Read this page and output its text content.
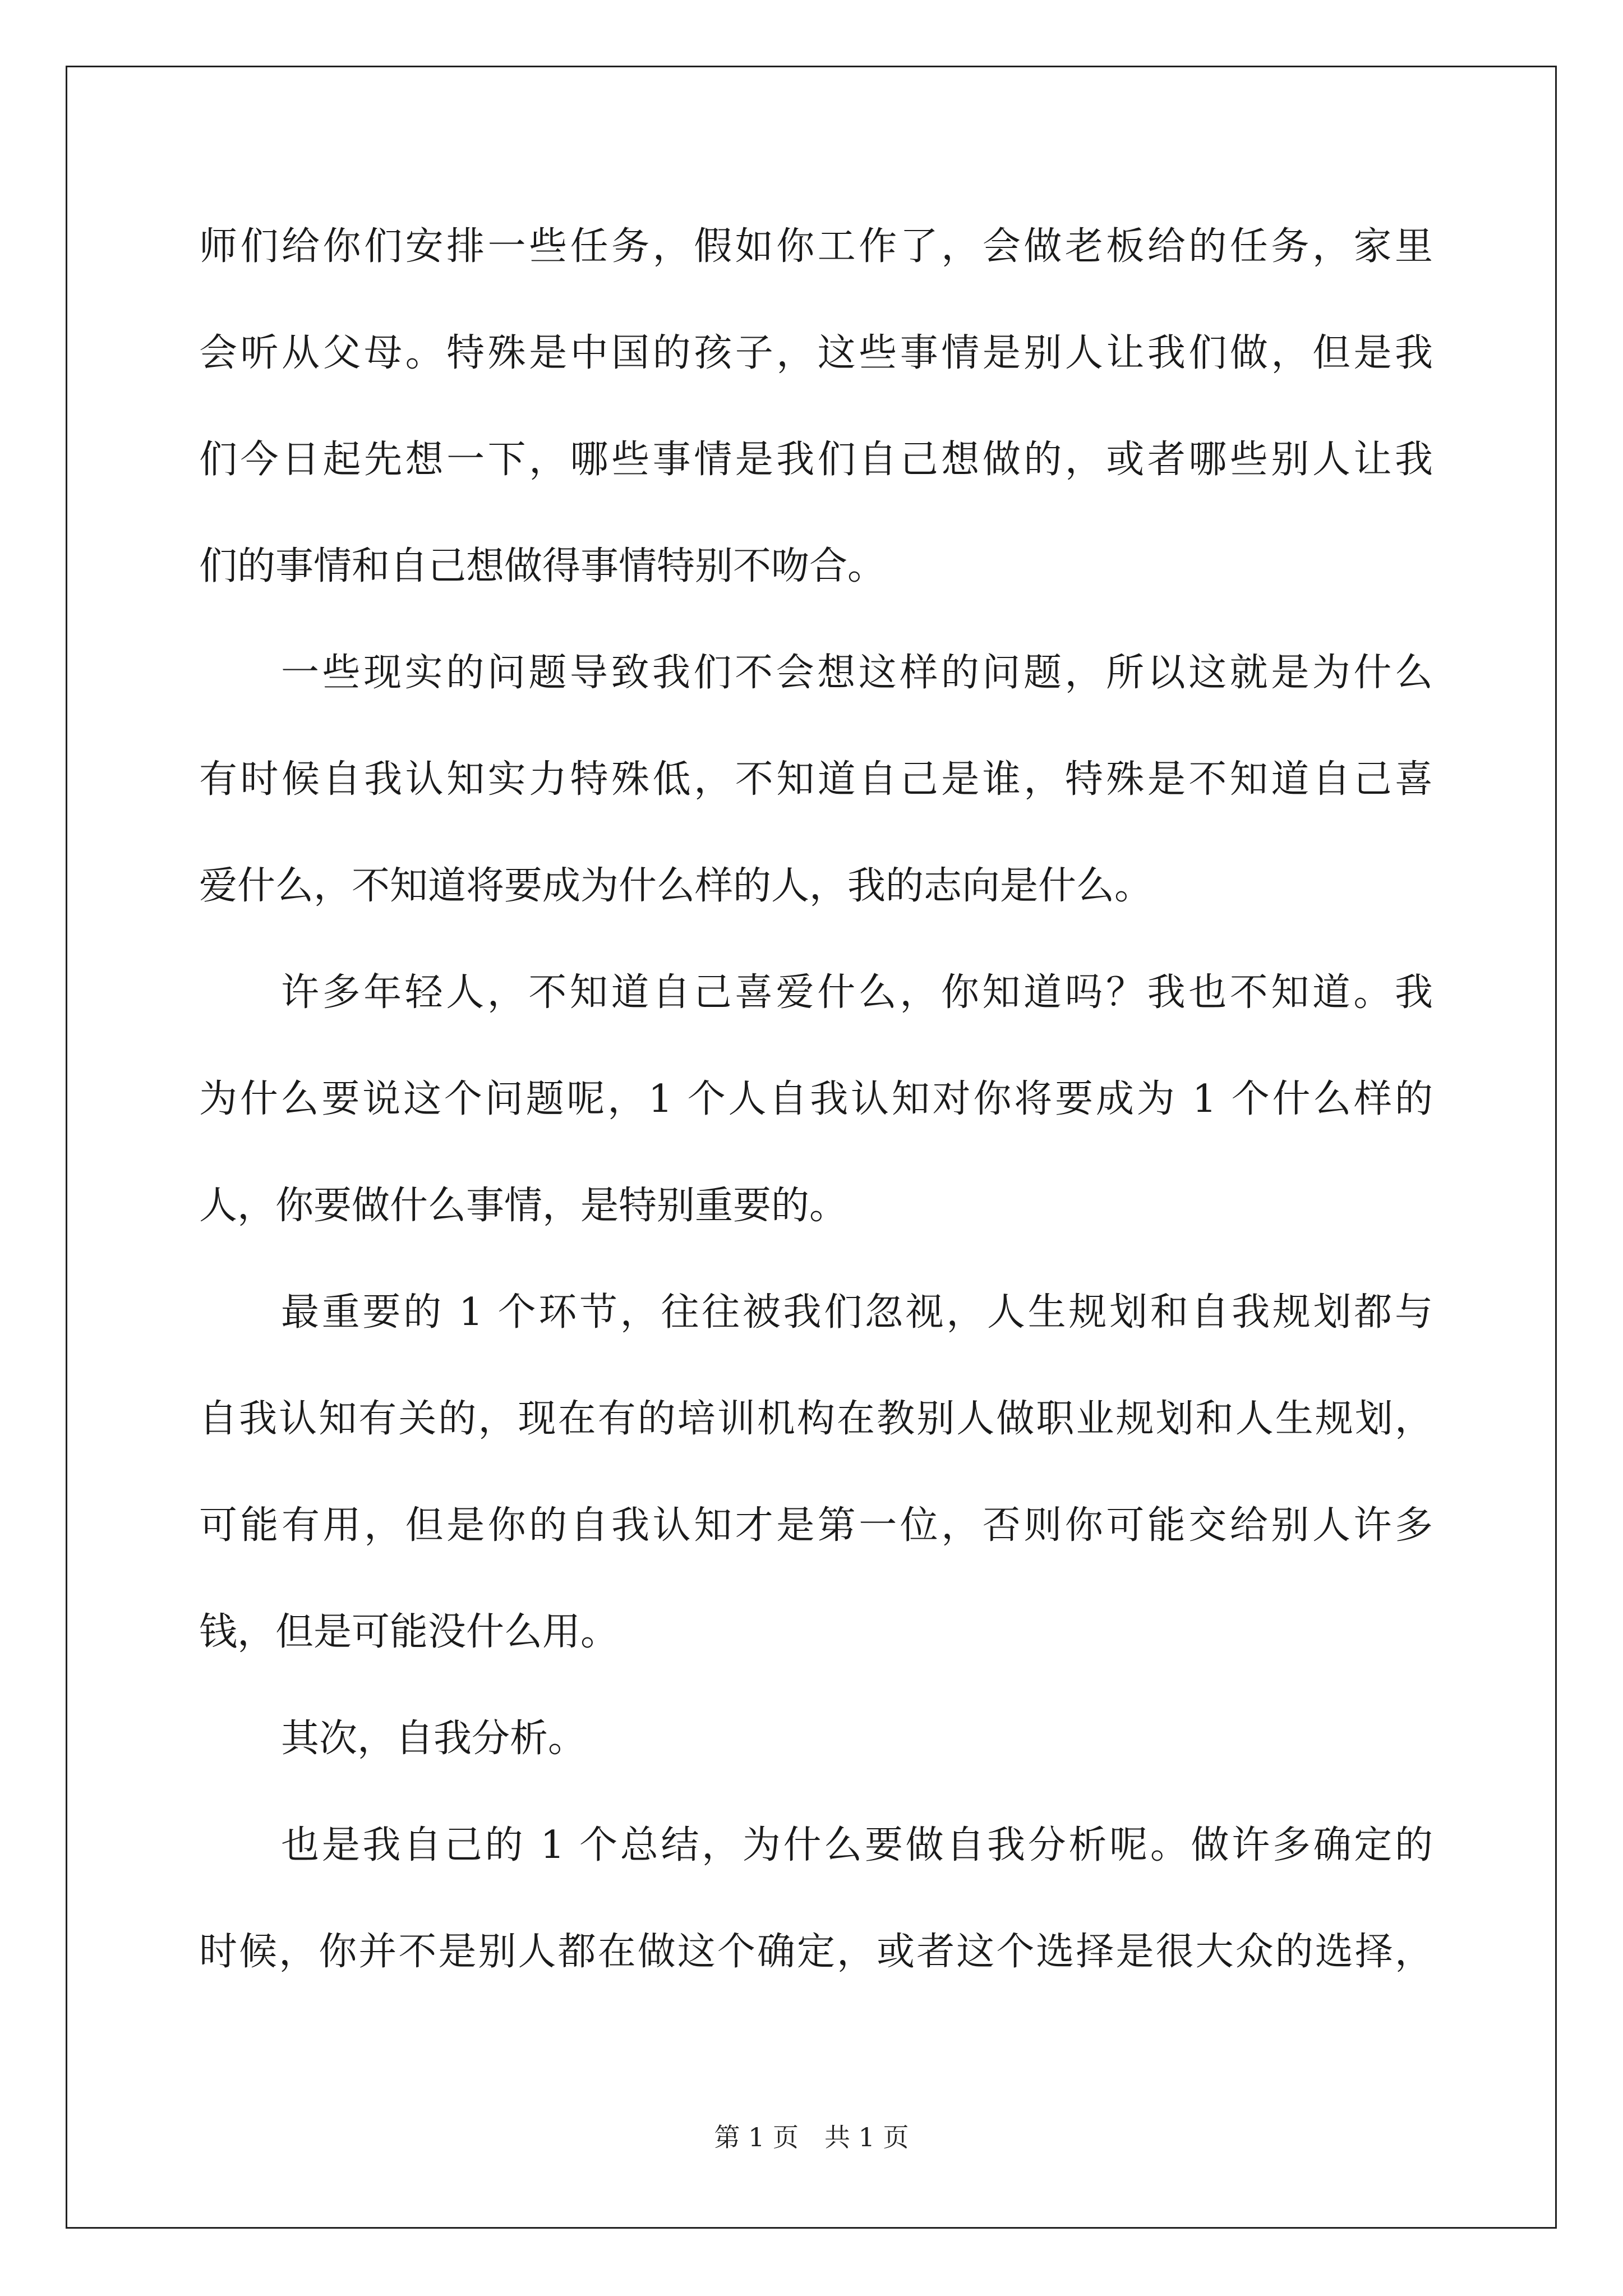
师们给你们安排一些任务，假如你工作了，会做老板给的任务，家里
会听从父母。特殊是中国的孩子，这些事情是别人让我们做，但是我
们今日起先想一下，哪些事情是我们自己想做的，或者哪些别人让我
们的事情和自己想做得事情特别不吻合。
一些现实的问题导致我们不会想这样的问题，所以这就是为什么
有时候自我认知实力特殊低，不知道自己是谁，特殊是不知道自己喜
爱什么，不知道将要成为什么样的人，我的志向是什么。
许多年轻人，不知道自己喜爱什么，你知道吗？我也不知道。我
为什么要说这个问题呢，1 个人自我认知对你将要成为 1 个什么样的
人，你要做什么事情，是特别重要的。
最重要的 1 个环节，往往被我们忽视，人生规划和自我规划都与
自我认知有关的，现在有的培训机构在教别人做职业规划和人生规划，
可能有用，但是你的自我认知才是第一位，否则你可能交给别人许多
钱，但是可能没什么用。
其次，自我分析。
也是我自己的 1 个总结，为什么要做自我分析呢。做许多确定的
时候，你并不是别人都在做这个确定，或者这个选择是很大众的选择，
第 1 页　共 1 页
